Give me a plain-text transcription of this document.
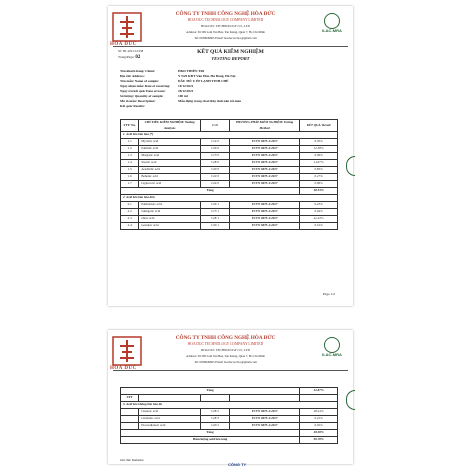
HOA DUC
CÔNG TY TNHH CÔNG NGHỆ HÒA ĐỨC
HOA DUC TECHNOLOGY COMPANY LIMITED
HOA DUC TECHNOLOGY CO., LTD
Address: 30/109 Lam Van Ben, Tan Kieng, Quan 7, Ho Chi Minh
Tel: 0939649605 Email: hoaduc.techco@gmail.com
ILAC-MRA
Số: HC-2021/12/238
Trang/Page: 02
KẾT QUẢ KIỂM NGHIỆM
TESTING REPORT
Tên khách hàng/ Client:	HKD THIÊN TRI
Địa chỉ/ Address:	Y Nơ9 KĐT Văn Phú, Hà Đông, Hà Nội
Tên mẫu/ Name of sample:	DẦU MÙ U ÉP LẠNH TINH CHẾ
Ngày nhận mẫu/ Date of receiving:	10/12/2021
Ngày trả kết quả/ Date of issue:	28/12/2021
Số lượng/ Quantity of sample:	100 ml
Mô tả mẫu/ Description:	Mẫu đựng trong chai thủy tinh nâu tối màu
Kết quả/ Results:
STT/ No.	CHỈ TIÊU KIỂM NGHIỆM/ Testing Analysis	C:D	PHƯƠNG PHÁP KIỂM NGHIỆM/ Testing Method	KẾT QUẢ/ Result
1. Acid béo bão hòa (*)				
1.1	Myristic acid	C14:0	TCVN 9675-4:2017	0.05%
1.2	Palmitic acid	C16:0	TCVN 9675-4:2017	12.58%
1.3	Margaric acid	C17:0	TCVN 9675-4:2017	0.09%
1.4	Stearic acid	C18:0	TCVN 9675-4:2017	14.67%
1.5	Arachidic acid	C20:0	TCVN 9675-4:2017	0.85%
1.6	Behenic acid	C22:0	TCVN 9675-4:2017	0.27%
1.7	Lignoceric acid	C24:0	TCVN 9675-4:2017	0.06%
Tổng				28.53%
2. Acid béo bão hòa đơn				
2.1	Palmitoleic acid	C16:1	TCVN 9675-4:2017	0.23%
2.2	Ginkgolic acid	C17:1	TCVN 9675-4:2017	0.04%
2.3	Oleic acid	C18:1	TCVN 9675-4:2017	42.43%
2.4	Gondoic acid	C20:1	TCVN 9675-4:2017	0.19%
Page 1/2
HOA DUC
CÔNG TY TNHH CÔNG NGHỆ HÒA ĐỨC
HOA DUC TECHNOLOGY COMPANY LIMITED
HOA DUC TECHNOLOGY CO., LTD
Address: 30/109 Lam Van Ben, Tan Kieng, Quan 7, Ho Chi Minh
Tel: 0939649605 Email: hoaduc.techco@gmail.com
ILAC-MRA
Tổng				42.87%
STT				
3. Acid béo không bão hòa đa				
	Linoleic acid	C18:2	TCVN 9675-4:2017	28.24%
	Linolenic acid	C18:3	TCVN 9675-4:2017	0.22%
	Eicosadienoic acid	C20:2	TCVN 9675-4:2017	0.02%
Tổng				28.38%
Hàm lượng acid béo tổng				99.78%
Ghi chú/ Remarks:
CÔNG TY
